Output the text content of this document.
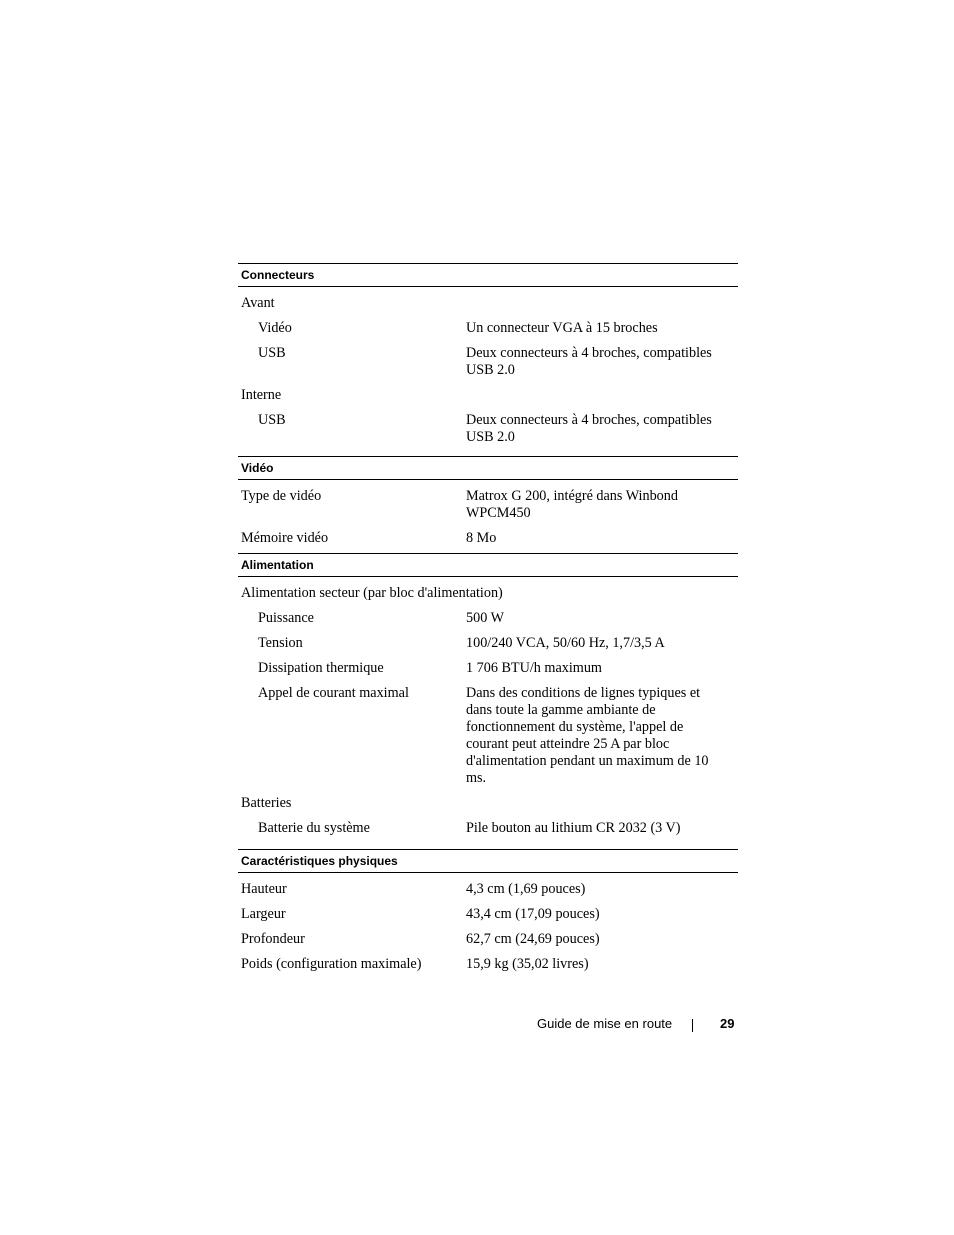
Connecteurs
Avant
Vidéo	Un connecteur VGA à 15 broches
USB	Deux connecteurs à 4 broches, compatibles USB 2.0
Interne
USB	Deux connecteurs à 4 broches, compatibles USB 2.0
Vidéo
Type de vidéo	Matrox G 200, intégré dans Winbond WPCM450
Mémoire vidéo	8 Mo
Alimentation
Alimentation secteur (par bloc d'alimentation)
Puissance	500 W
Tension	100/240 VCA, 50/60 Hz, 1,7/3,5 A
Dissipation thermique	1 706 BTU/h maximum
Appel de courant maximal	Dans des conditions de lignes typiques et dans toute la gamme ambiante de fonctionnement du système, l'appel de courant peut atteindre 25 A par bloc d'alimentation pendant un maximum de 10 ms.
Batteries
Batterie du système	Pile bouton au lithium CR 2032 (3 V)
Caractéristiques physiques
Hauteur	4,3 cm (1,69 pouces)
Largeur	43,4 cm (17,09 pouces)
Profondeur	62,7 cm (24,69 pouces)
Poids (configuration maximale)	15,9 kg (35,02 livres)
Guide de mise en route	29
